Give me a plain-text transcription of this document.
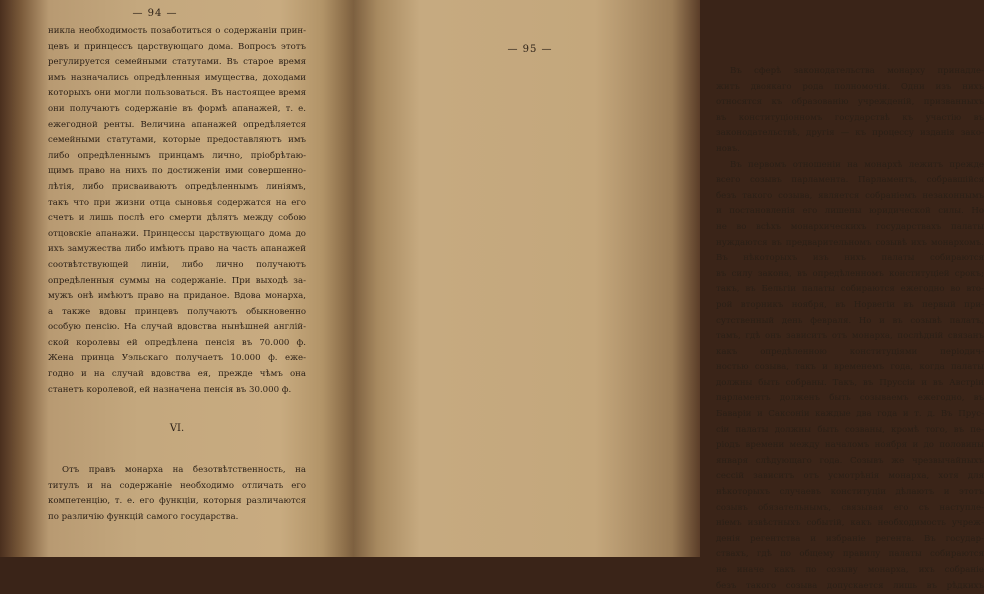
— 94 —
никла необходимость позаботиться о содержанiи прин-
цевъ и принцессъ царствующаго дома. Вопросъ этотъ
регулируется семейными статутами. Въ старое время
имъ назначались опредѣленныя имущества, доходами
которыхъ они могли пользоваться. Въ настоящее время
они получаютъ содержанiе въ формѣ апанажей, т. е.
ежегодной ренты. Величина апанажей опредѣляется
семейными статутами, которые предоставляютъ имъ
либо опредѣленнымъ принцамъ лично, прiобрѣтаю-
щимъ право на нихъ по достиженiи ими совершенно-
лѣтiя, либо присваиваютъ опредѣленнымъ линiямъ,
такъ что при жизни отца сыновья содержатся на его
счетъ и лишь послѣ его смерти дѣлятъ между собою
отцовскiе апанажи. Принцессы царствующаго дома до
ихъ замужества либо имѣютъ право на часть апанажей
соотвѣтствующей линiи, либо лично получаютъ
опредѣленныя суммы на содержанiе. При выходѣ за-
мужъ онѣ имѣютъ право на приданое. Вдова монарха,
а также вдовы принцевъ получаютъ обыкновенно
особую пенсiю. На случай вдовства нынѣшней англiй-
ской королевы ей опредѣлена пенсiя въ 70.000 ф.
Жена принца Уэльскаго получаетъ 10.000 ф. еже-
годно и на случай вдовства ея, прежде чѣмъ она
станетъ королевой, ей назначена пенсiя въ 30.000 ф.
VI.
Отъ правъ монарха на безотвѣтственность, на
титулъ и на содержанiе необходимо отличать его
компетенцiю, т. е. его функцiи, которыя различаются
по различiю функцiй самого государства.
— 95 —
Въ сферѣ законодательства монарху принадле-
житъ двоякаго рода полномочiя. Одни изъ нихъ
относятся къ образованiю учрежденiй, призванныхъ
въ конституцiонномъ государствѣ къ участiю въ
законодательствѣ, другiя — къ процессу изданiя зако-
новъ.
Въ первомъ отношенiи на монархѣ лежитъ прежде
всего созывъ парламента. Парламентъ, собравшiйся
безъ такого созыва, является собранiемъ незаконнымъ
и постановленiя его лишены юридической силы. Но
не во всѣхъ монархическихъ государствахъ палаты
нуждаются въ предварительномъ созывѣ ихъ монархомъ.
Въ нѣкоторыхъ изъ нихъ палаты собираются
въ силу закона, въ опредѣленномъ конституцiей срокъ;
такъ, въ Бельгiи палаты собираются ежегодно во вто-
рой вторникъ ноября, въ Норвегiи въ первый при-
сутственный день февраля. Но и въ созывѣ палатъ,
тамъ, гдѣ онъ зависитъ отъ монарха, послѣднiй связанъ
какъ опредѣленною конституцiями перiодич-
ностью созыва, такъ и временемъ года, когда палаты
должны быть собраны. Такъ, въ Пруссiи и въ Австрiи
парламентъ долженъ быть созываемъ ежегодно, въ
Баварiи и Саксонiи каждые два года и т. д. Въ Прус-
сiи палаты должны быть созваны, кромѣ того, въ пе-
рiодъ времени между началомъ ноября и до половины
января слѣдующаго года. Созывъ же чрезвычайныхъ
сессiй зависитъ отъ усмотрѣнiя монарха, хотя для
нѣкоторыхъ случаевъ конституцiи дѣлаютъ и этотъ
созывъ обязательнымъ, связывая его съ наступле-
нiемъ извѣстныхъ событiй, какъ необходимость учреж-
денiя регентства и избранiе регента. Въ государ-
ствахъ, гдѣ по общему правилу палаты собираются
не иначе какъ по созыву монарха, ихъ собранiе
безъ такого созыва допускается лишь въ рѣдкихъ
